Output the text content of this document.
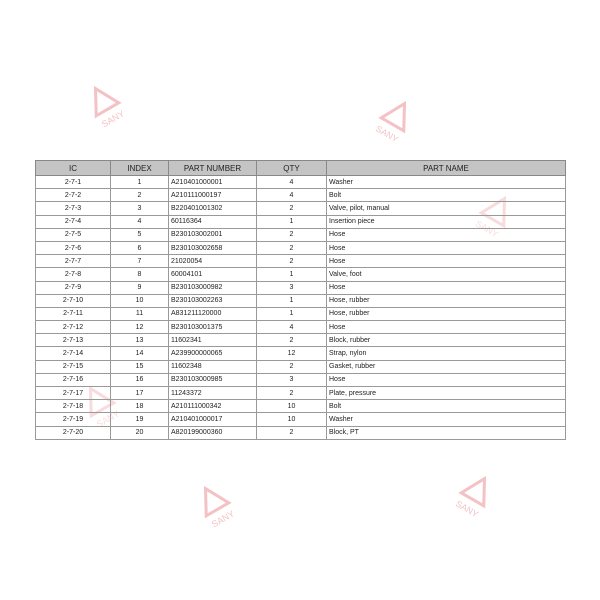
SANY
SANY
SANY	SANY
SANY
SANY
IC	INDEX	PART NUMBER	QTY	PART NAME
2-7-1	1	A210401000001	4	Washer
2-7-2	2	A210111000197	4	Bolt
2-7-3	3	B220401001302	2	Valve, pilot, manual
2-7-4	4	60116364	1	Insertion piece
2-7-5	5	B230103002001	2	Hose
2-7-6	6	B230103002658	2	Hose
2-7-7	7	21020054	2	Hose
2-7-8	8	60004101	1	Valve, foot
2-7-9	9	B230103000982	3	Hose
2-7-10	10	B230103002263	1	Hose, rubber
2-7-11	11	A831211120000	1	Hose, rubber
2-7-12	12	B230103001375	4	Hose
2-7-13	13	11602341	2	Block, rubber
2-7-14	14	A239900000065	12	Strap, nylon
2-7-15	15	11602348	2	Gasket, rubber
2-7-16	16	B230103000985	3	Hose
2-7-17	17	11243372	2	Plate, pressure
2-7-18	18	A210111000342	10	Bolt
2-7-19	19	A210401000017	10	Washer
2-7-20	20	A820199000360	2	Block, PT
